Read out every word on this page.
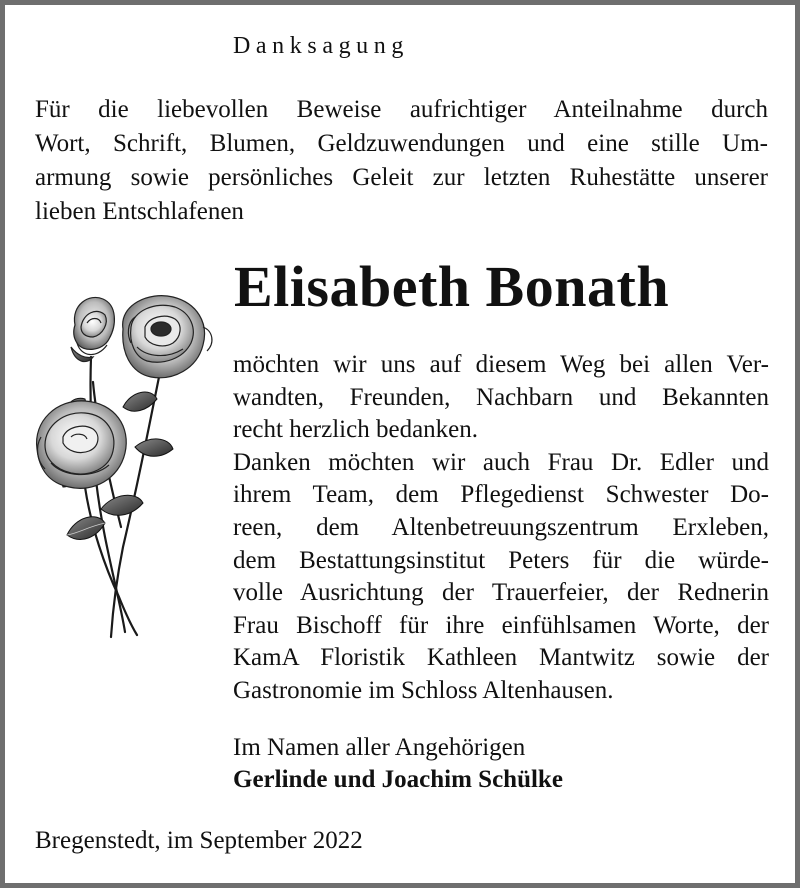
Danksagung
Für die liebevollen Beweise aufrichtiger Anteilnahme durch
Wort, Schrift, Blumen, Geldzuwendungen und eine stille Um-
armung sowie persönliches Geleit zur letzten Ruhestätte unserer
lieben Entschlafenen
Elisabeth Bonath
möchten wir uns auf diesem Weg bei allen Ver-
wandten, Freunden, Nachbarn und Bekannten
recht herzlich bedanken.
Danken möchten wir auch Frau Dr. Edler und
ihrem Team, dem Pflegedienst Schwester Do-
reen, dem Altenbetreuungszentrum Erxleben,
dem Bestattungsinstitut Peters für die würde-
volle Ausrichtung der Trauerfeier, der Rednerin
Frau Bischoff für ihre einfühlsamen Worte, der
KamA Floristik Kathleen Mantwitz sowie der
Gastronomie im Schloss Altenhausen.
Im Namen aller Angehörigen
Gerlinde und Joachim Schülke
Bregenstedt, im September 2022
